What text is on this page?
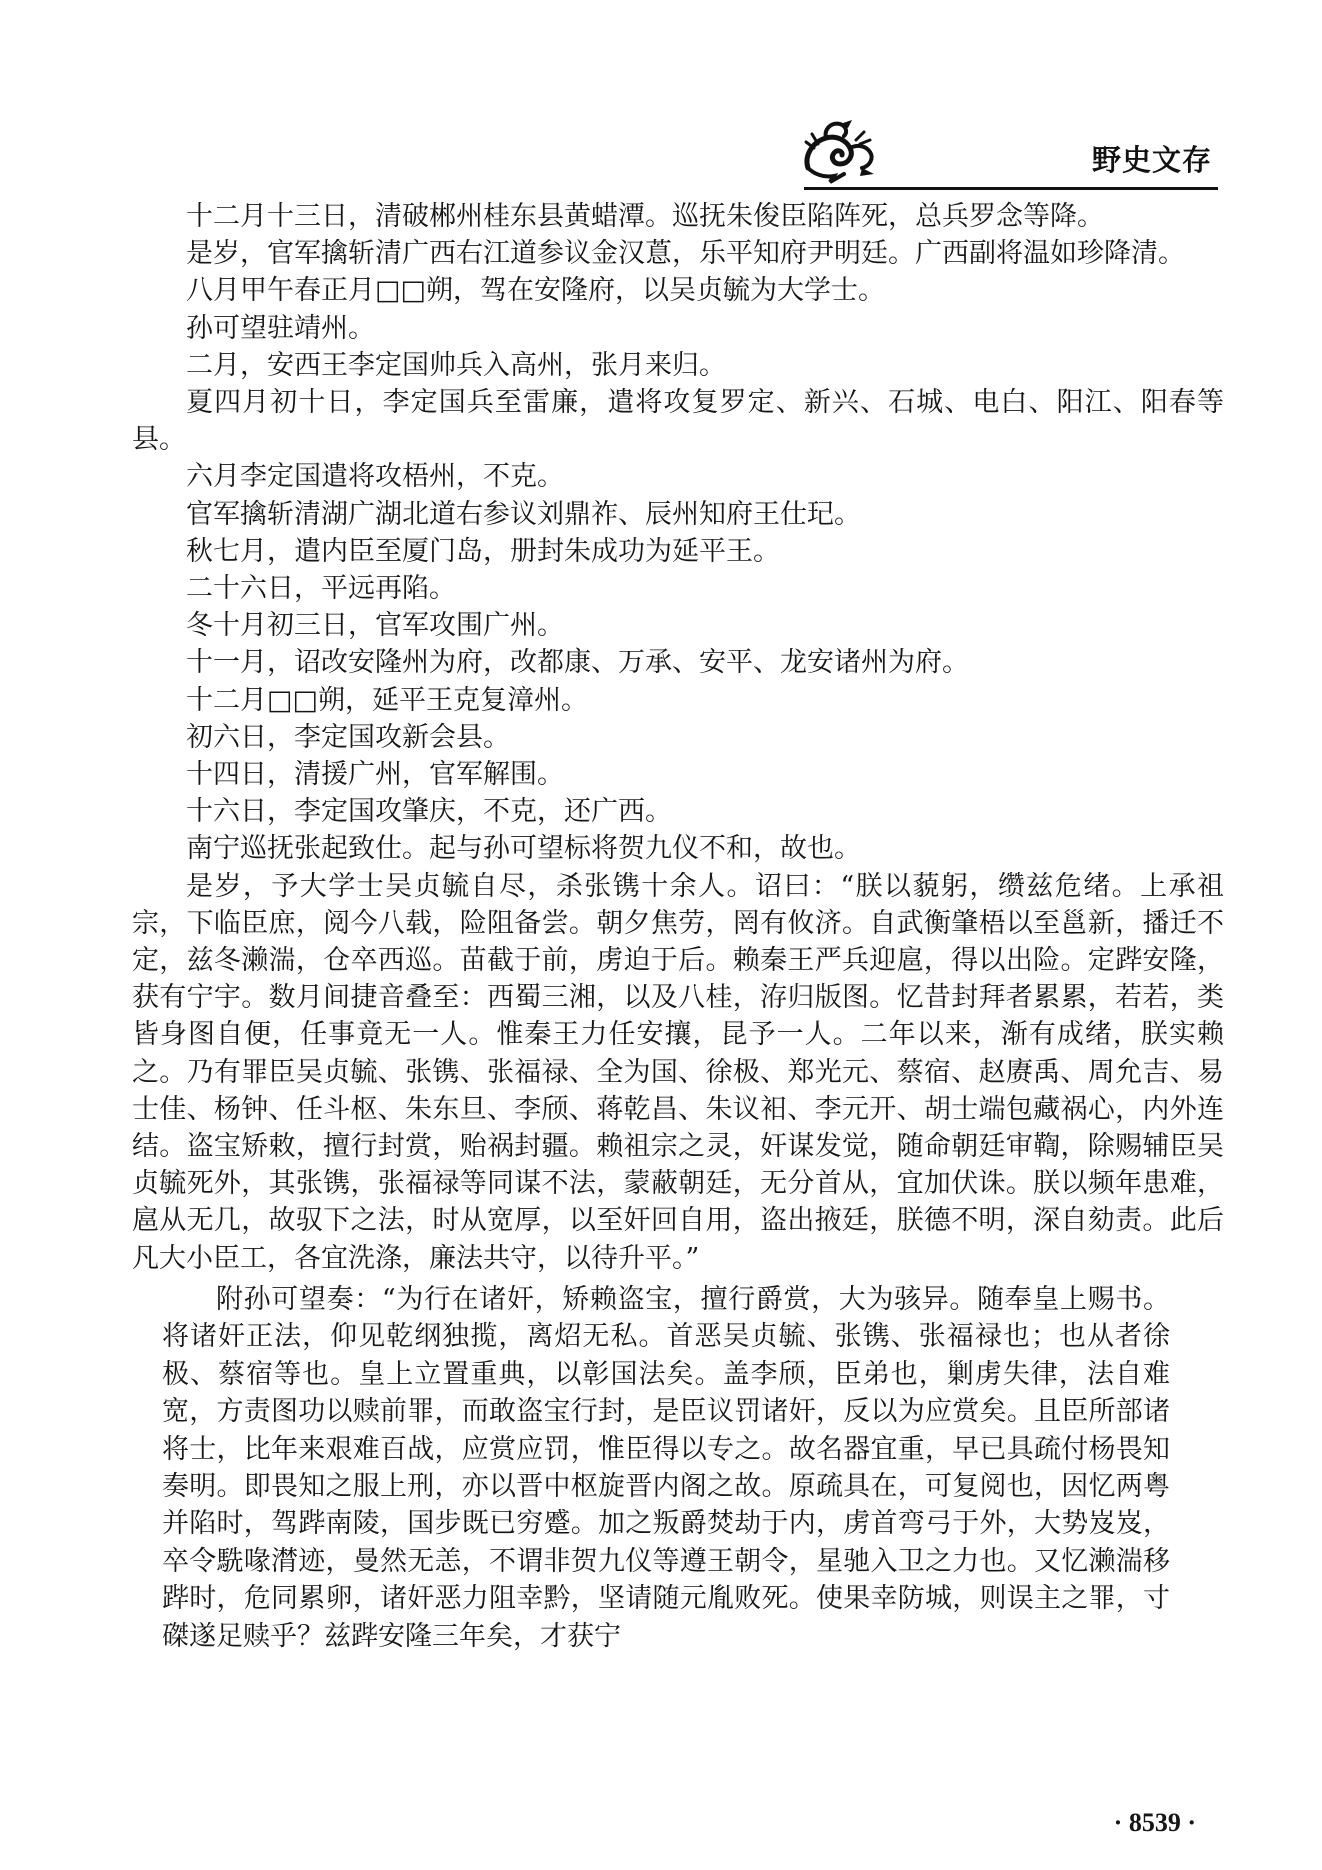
野史文存

十二月十三日，清破郴州桂东县黄蜡潭。巡抚朱俊臣陷阵死，总兵罗念等降。

是岁，官军擒斩清广西右江道参议金汉蒠，乐平知府尹明廷。广西副将温如珍降清。

八月甲午春正月□□朔，驾在安隆府，以吴贞毓为大学士。

孙可望驻靖州。

二月，安西王李定国帅兵入高州，张月来归。

夏四月初十日，李定国兵至雷廉，遣将攻复罗定、新兴、石城、电白、阳江、阳春等县。

六月李定国遣将攻梧州，不克。

官军擒斩清湖广湖北道右参议刘鼎祚、辰州知府王仕玘。

秋七月，遣内臣至厦门岛，册封朱成功为延平王。

二十六日，平远再陷。

冬十月初三日，官军攻围广州。

十一月，诏改安隆州为府，改都康、万承、安平、龙安诸州为府。

十二月□□朔，延平王克复漳州。

初六日，李定国攻新会县。

十四日，清援广州，官军解围。

十六日，李定国攻肇庆，不克，还广西。

南宁巡抚张起致仕。起与孙可望标将贺九仪不和，故也。

是岁，予大学士吴贞毓自尽，杀张镌十余人。诏曰：“朕以藐躬，缵兹危绪。上承祖宗，下临臣庶，阅今八载，险阻备尝。朝夕焦劳，罔有攸济。自武衡肇梧以至邕新，播迁不定，兹冬濑湍，仓卒西巡。苗截于前，虏迫于后。赖秦王严兵迎扈，得以出险。定跸安隆，获有宁宇。数月间捷音叠至：西蜀三湘，以及八桂，洊归版图。忆昔封拜者累累，若若，类皆身图自便，任事竟无一人。惟秦王力任安攘，昆予一人。二年以来，渐有成绪，朕实赖之。乃有罪臣吴贞毓、张镌、张福禄、全为国、徐极、郑光元、蔡宿、赵赓禹、周允吉、易士佳、杨钟、任斗枢、朱东旦、李颀、蒋乾昌、朱议衵、李元开、胡士端包藏祸心，内外连结。盗宝矫敕，擅行封赏，贻祸封疆。赖祖宗之灵，奸谋发觉，随命朝廷审鞫，除赐辅臣吴贞毓死外，其张镌，张福禄等同谋不法，蒙蔽朝廷，无分首从，宜加伏诛。朕以频年患难，扈从无几，故驭下之法，时从宽厚，以至奸回自用，盗出掖廷，朕德不明，深自劾责。此后凡大小臣工，各宜洗涤，廉法共守，以待升平。”

附孙可望奏：“为行在诸奸，矫赖盗宝，擅行爵赏，大为骇异。随奉皇上赐书。将诸奸正法，仰见乾纲独揽，离炤无私。首恶吴贞毓、张镌、张福禄也；也从者徐极、蔡宿等也。皇上立置重典，以彰国法矣。盖李颀，臣弟也，剿虏失律，法自难宽，方责图功以赎前罪，而敢盗宝行封，是臣议罚诸奸，反以为应赏矣。且臣所部诸将士，比年来艰难百战，应赏应罚，惟臣得以专之。故名器宜重，早已具疏付杨畏知奏明。即畏知之服上刑，亦以晋中枢旋晋内阁之故。原疏具在，可复阅也，因忆两粤并陷时，驾跸南陵，国步既已穷蹙。加之叛爵焚劫于内，虏首弯弓于外，大势岌岌，卒令駪喙潸迹，曼然无恙，不谓非贺九仪等遵王朝令，星驰入卫之力也。又忆濑湍移跸时，危同累卵，诸奸恶力阻幸黔，坚请随元胤败死。使果幸防城，则误主之罪，寸磔遂足赎乎？兹跸安隆三年矣，才获宁

· 8539 ·
